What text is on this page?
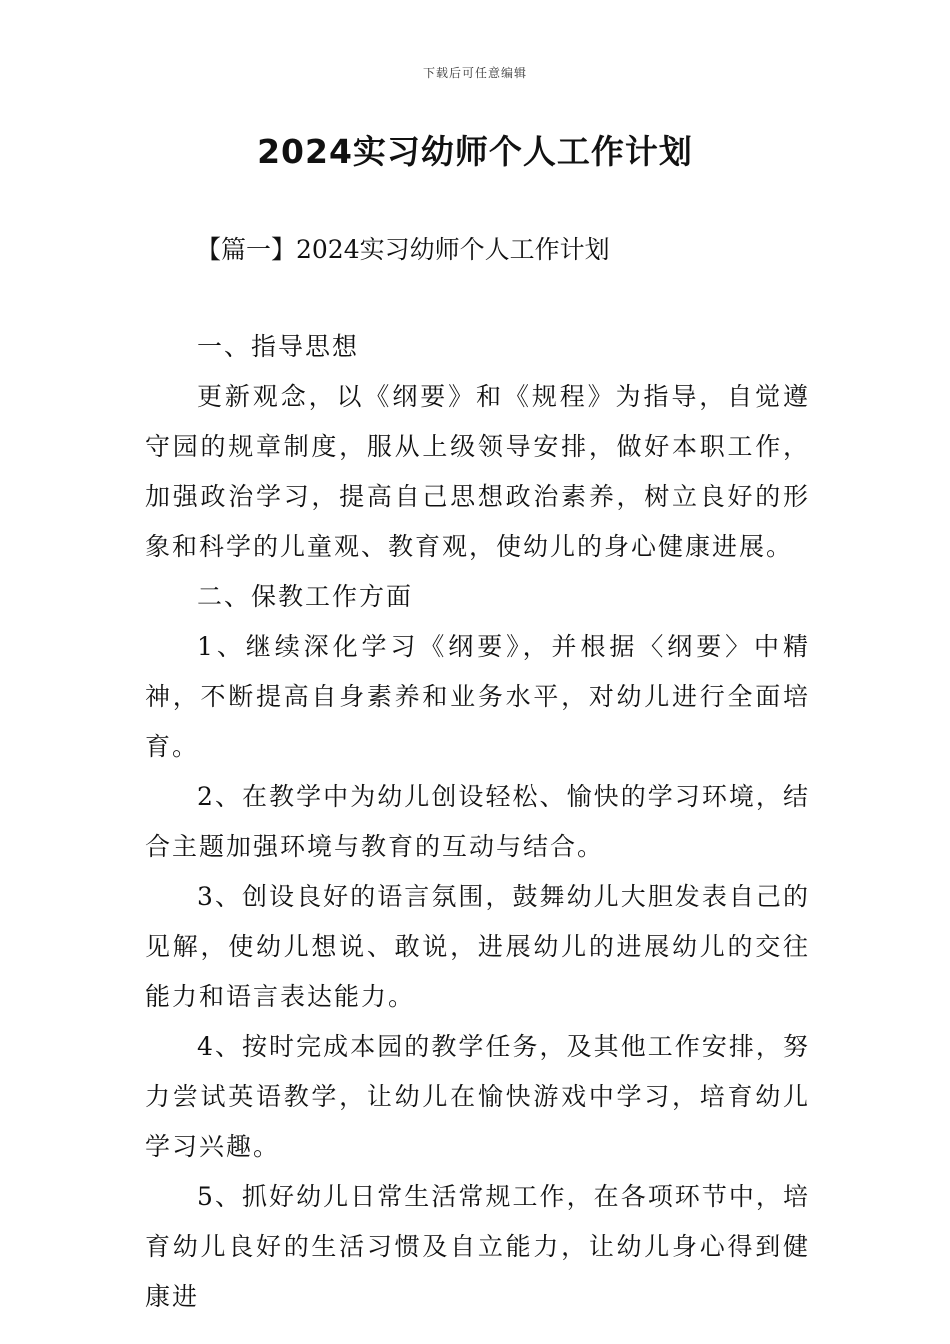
下载后可任意编辑
2024实习幼师个人工作计划
【篇一】2024实习幼师个人工作计划

一、指导思想

更新观念，以《纲要》和《规程》为指导，自觉遵守园的规章制度，服从上级领导安排，做好本职工作，加强政治学习，提高自己思想政治素养，树立良好的形象和科学的儿童观、教育观，使幼儿的身心健康进展。

二、保教工作方面

1、继续深化学习《纲要》，并根据〈纲要〉中精神，不断提高自身素养和业务水平，对幼儿进行全面培育。

2、在教学中为幼儿创设轻松、愉快的学习环境，结合主题加强环境与教育的互动与结合。

3、创设良好的语言氛围，鼓舞幼儿大胆发表自己的见解，使幼儿想说、敢说，进展幼儿的进展幼儿的交往能力和语言表达能力。

4、按时完成本园的教学任务，及其他工作安排，努力尝试英语教学，让幼儿在愉快游戏中学习，培育幼儿学习兴趣。

5、抓好幼儿日常生活常规工作，在各项环节中，培育幼儿良好的生活习惯及自立能力，让幼儿身心得到健康进
